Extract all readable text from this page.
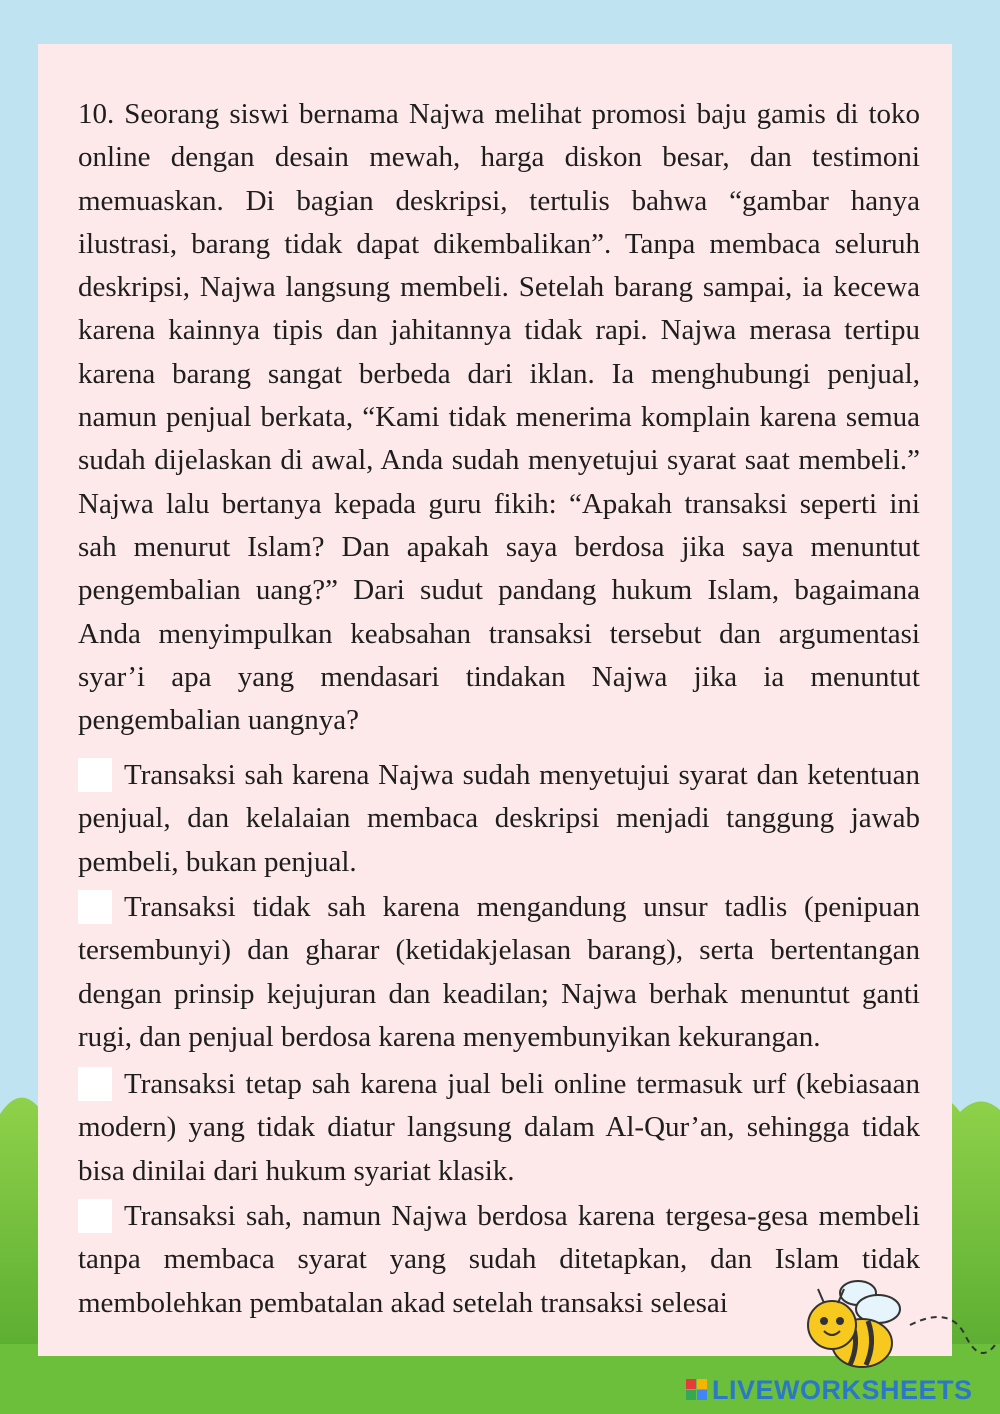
10. Seorang siswi bernama Najwa melihat promosi baju gamis di toko online dengan desain mewah, harga diskon besar, dan testimoni memuaskan. Di bagian deskripsi, tertulis bahwa “gambar hanya ilustrasi, barang tidak dapat dikembalikan”. Tanpa membaca seluruh deskripsi, Najwa langsung membeli. Setelah barang sampai, ia kecewa karena kainnya tipis dan jahitannya tidak rapi. Najwa merasa tertipu karena barang sangat berbeda dari iklan. Ia menghubungi penjual, namun penjual berkata, “Kami tidak menerima komplain karena semua sudah dijelaskan di awal, Anda sudah menyetujui syarat saat membeli.” Najwa lalu bertanya kepada guru fikih: “Apakah transaksi seperti ini sah menurut Islam? Dan apakah saya berdosa jika saya menuntut pengembalian uang?” Dari sudut pandang hukum Islam, bagaimana Anda menyimpulkan keabsahan transaksi tersebut dan argumentasi syar’i apa yang mendasari tindakan Najwa jika ia menuntut pengembalian uangnya?

Transaksi sah karena Najwa sudah menyetujui syarat dan ketentuan penjual, dan kelalaian membaca deskripsi menjadi tanggung jawab pembeli, bukan penjual.

Transaksi tidak sah karena mengandung unsur tadlis (penipuan tersembunyi) dan gharar (ketidakjelasan barang), serta bertentangan dengan prinsip kejujuran dan keadilan; Najwa berhak menuntut ganti rugi, dan penjual berdosa karena menyembunyikan kekurangan.

Transaksi tetap sah karena jual beli online termasuk urf (kebiasaan modern) yang tidak diatur langsung dalam Al-Qur’an, sehingga tidak bisa dinilai dari hukum syariat klasik.

Transaksi sah, namun Najwa berdosa karena tergesa-gesa membeli tanpa membaca syarat yang sudah ditetapkan, dan Islam tidak membolehkan pembatalan akad setelah transaksi selesai

LIVEWORKSHEETS
